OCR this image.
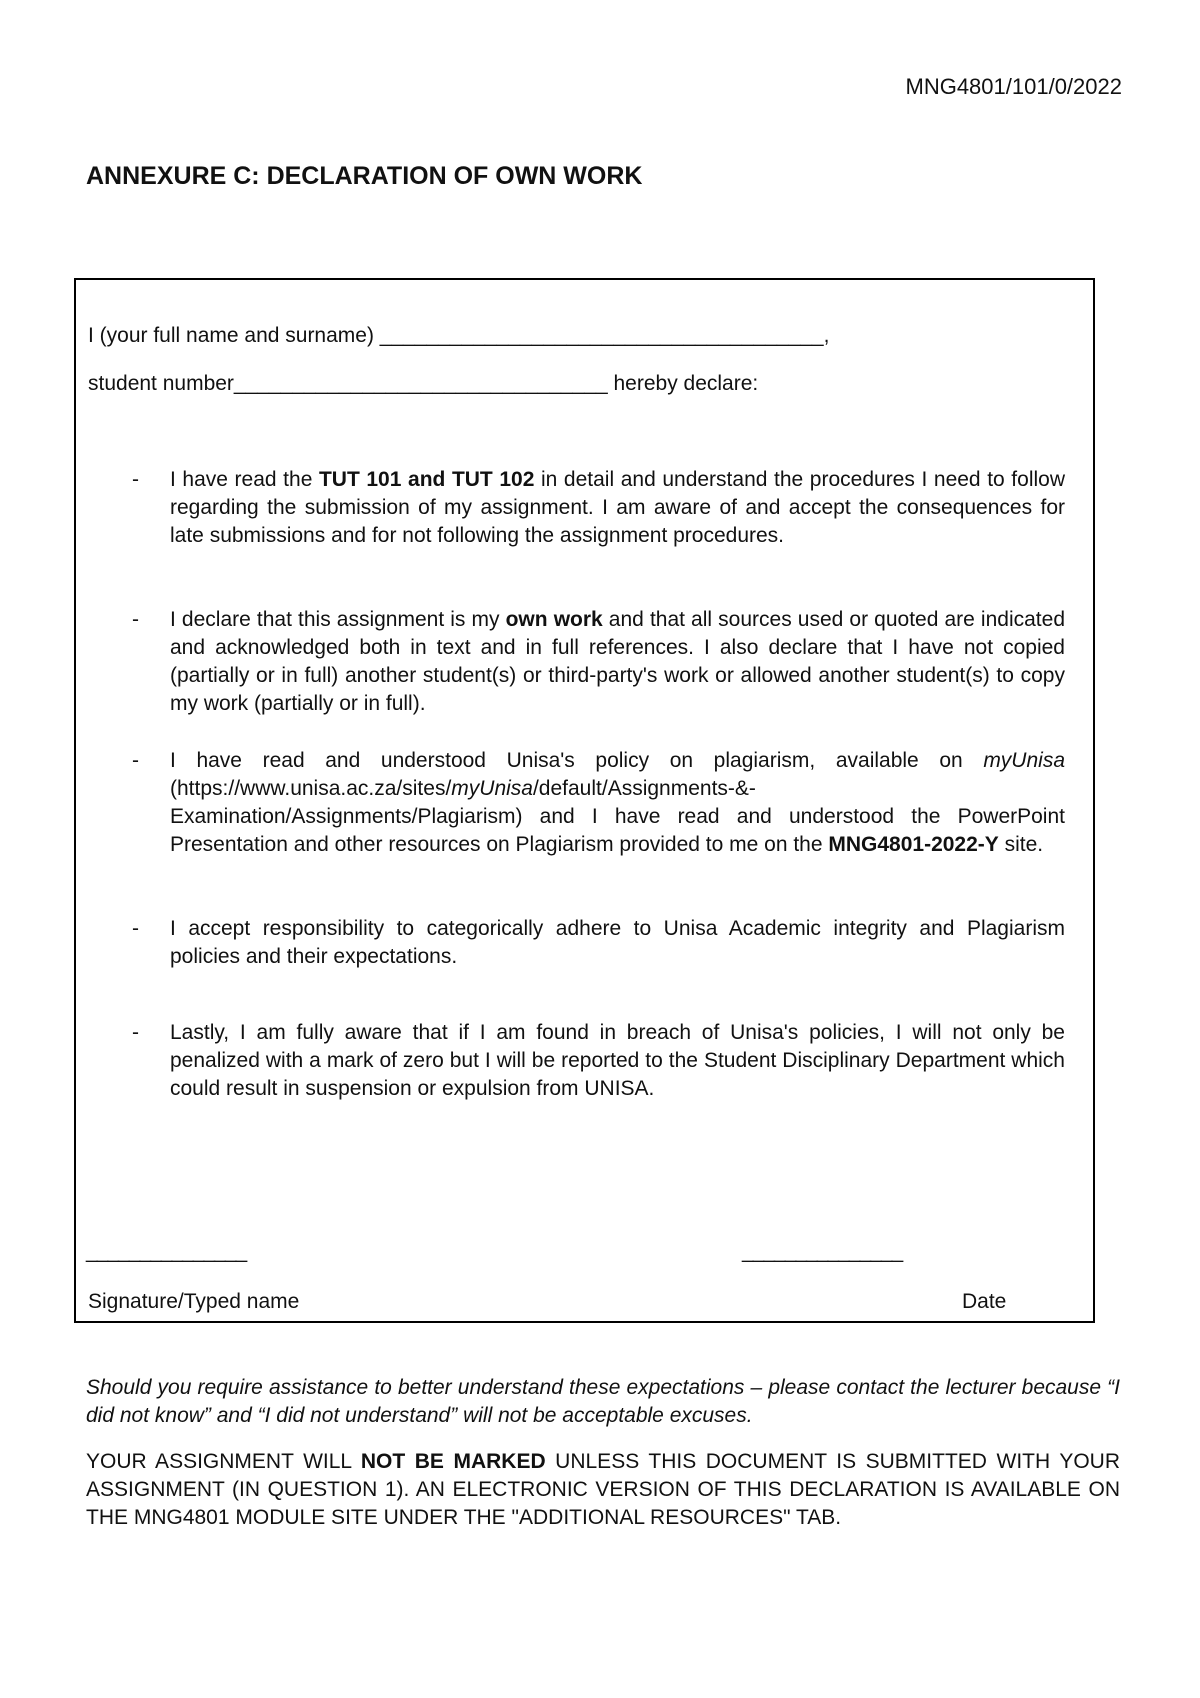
MNG4801/101/0/2022
ANNEXURE C: DECLARATION OF OWN WORK
I (your full name and surname) ______________________________________,
student number________________________________ hereby declare:
- I have read the TUT 101 and TUT 102 in detail and understand the procedures I need to follow regarding the submission of my assignment. I am aware of and accept the consequences for late submissions and for not following the assignment procedures.
- I declare that this assignment is my own work and that all sources used or quoted are indicated and acknowledged both in text and in full references. I also declare that I have not copied (partially or in full) another student(s) or third-party's work or allowed another student(s) to copy my work (partially or in full).
- I have read and understood Unisa's policy on plagiarism, available on myUnisa (https://www.unisa.ac.za/sites/myUnisa/default/Assignments-&-Examination/Assignments/Plagiarism) and I have read and understood the PowerPoint Presentation and other resources on Plagiarism provided to me on the MNG4801-2022-Y site.
- I accept responsibility to categorically adhere to Unisa Academic integrity and Plagiarism policies and their expectations.
- Lastly, I am fully aware that if I am found in breach of Unisa's policies, I will not only be penalized with a mark of zero but I will be reported to the Student Disciplinary Department which could result in suspension or expulsion from UNISA.
_______________	_______________
Signature/Typed name	Date

Should you require assistance to better understand these expectations – please contact the lecturer because “I did not know” and “I did not understand” will not be acceptable excuses.

YOUR ASSIGNMENT WILL NOT BE MARKED UNLESS THIS DOCUMENT IS SUBMITTED WITH YOUR ASSIGNMENT (IN QUESTION 1). AN ELECTRONIC VERSION OF THIS DECLARATION IS AVAILABLE ON THE MNG4801 MODULE SITE UNDER THE "ADDITIONAL RESOURCES" TAB.
